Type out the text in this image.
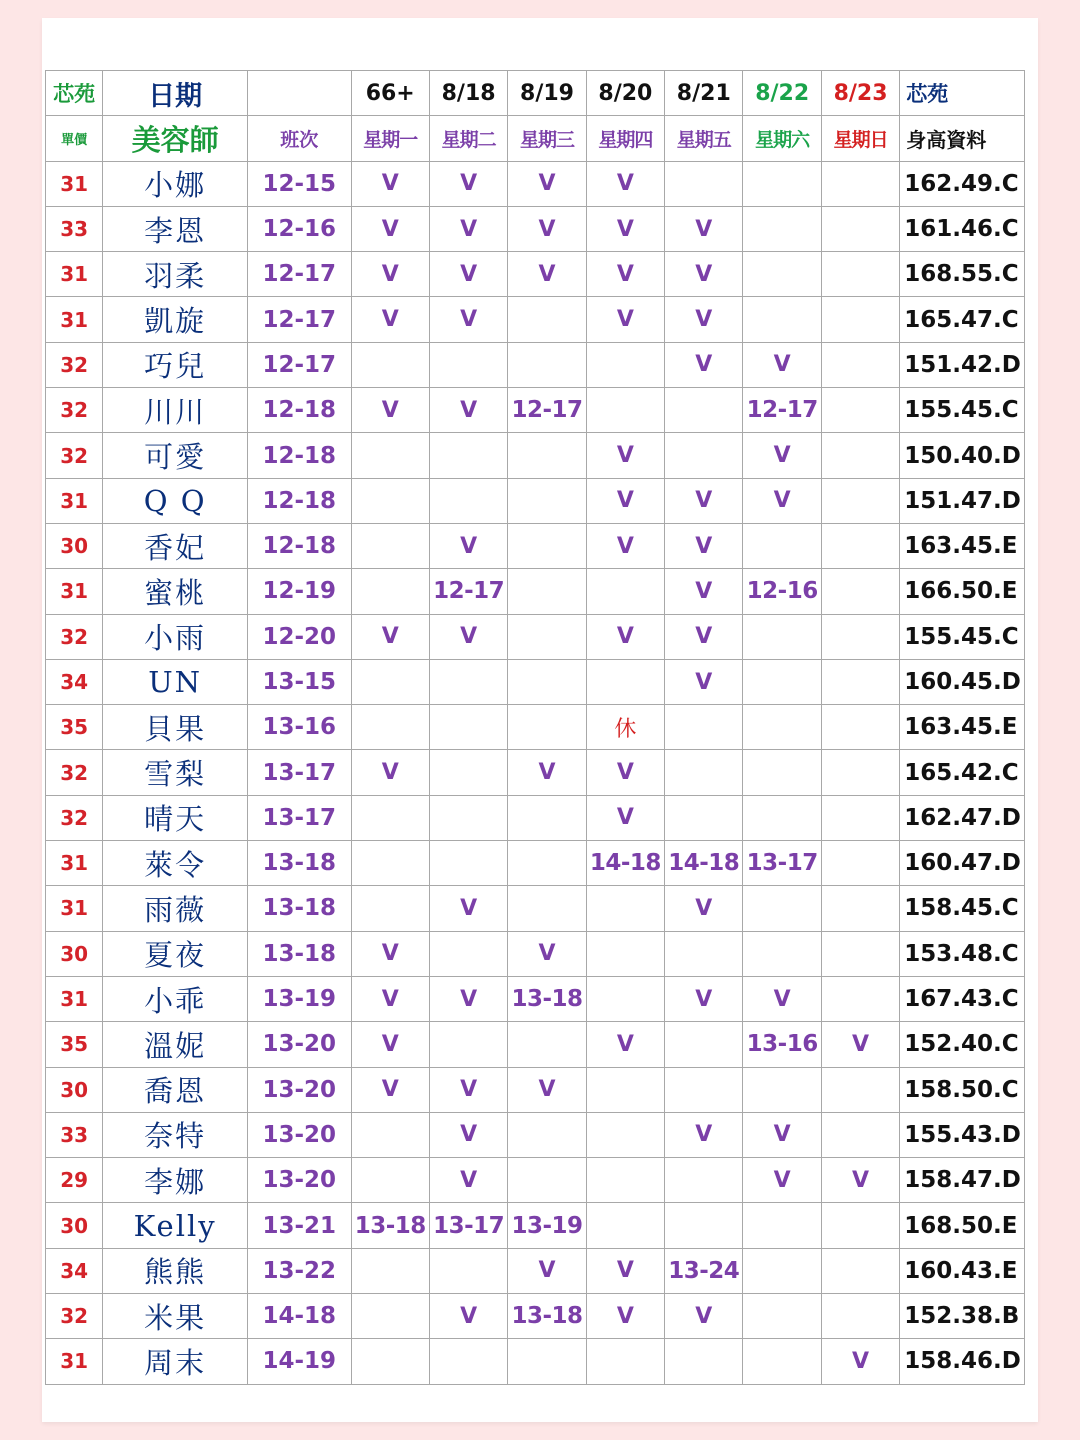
芯苑	日期		66+	8/18	8/19	8/20	8/21	8/22	8/23	芯苑
單價	美容師	班次	星期一	星期二	星期三	星期四	星期五	星期六	星期日	身高資料
31	小娜	12-15	V	V	V	V				162.49.C
33	李恩	12-16	V	V	V	V	V			161.46.C
31	羽柔	12-17	V	V	V	V	V			168.55.C
31	凱旋	12-17	V	V		V	V			165.47.C
32	巧兒	12-17					V	V		151.42.D
32	川川	12-18	V	V	12-17			12-17		155.45.C
32	可愛	12-18				V		V		150.40.D
31	Q Q	12-18				V	V	V		151.47.D
30	香妃	12-18		V		V	V			163.45.E
31	蜜桃	12-19		12-17			V	12-16		166.50.E
32	小雨	12-20	V	V		V	V			155.45.C
34	UN	13-15					V			160.45.D
35	貝果	13-16				休				163.45.E
32	雪梨	13-17	V		V	V				165.42.C
32	晴天	13-17				V				162.47.D
31	萊令	13-18				14-18	14-18	13-17		160.47.D
31	雨薇	13-18		V			V			158.45.C
30	夏夜	13-18	V		V					153.48.C
31	小乖	13-19	V	V	13-18		V	V		167.43.C
35	溫妮	13-20	V			V		13-16	V	152.40.C
30	喬恩	13-20	V	V	V					158.50.C
33	奈特	13-20		V			V	V		155.43.D
29	李娜	13-20		V				V	V	158.47.D
30	Kelly	13-21	13-18	13-17	13-19					168.50.E
34	熊熊	13-22			V	V	13-24			160.43.E
32	米果	14-18		V	13-18	V	V			152.38.B
31	周末	14-19							V	158.46.D
